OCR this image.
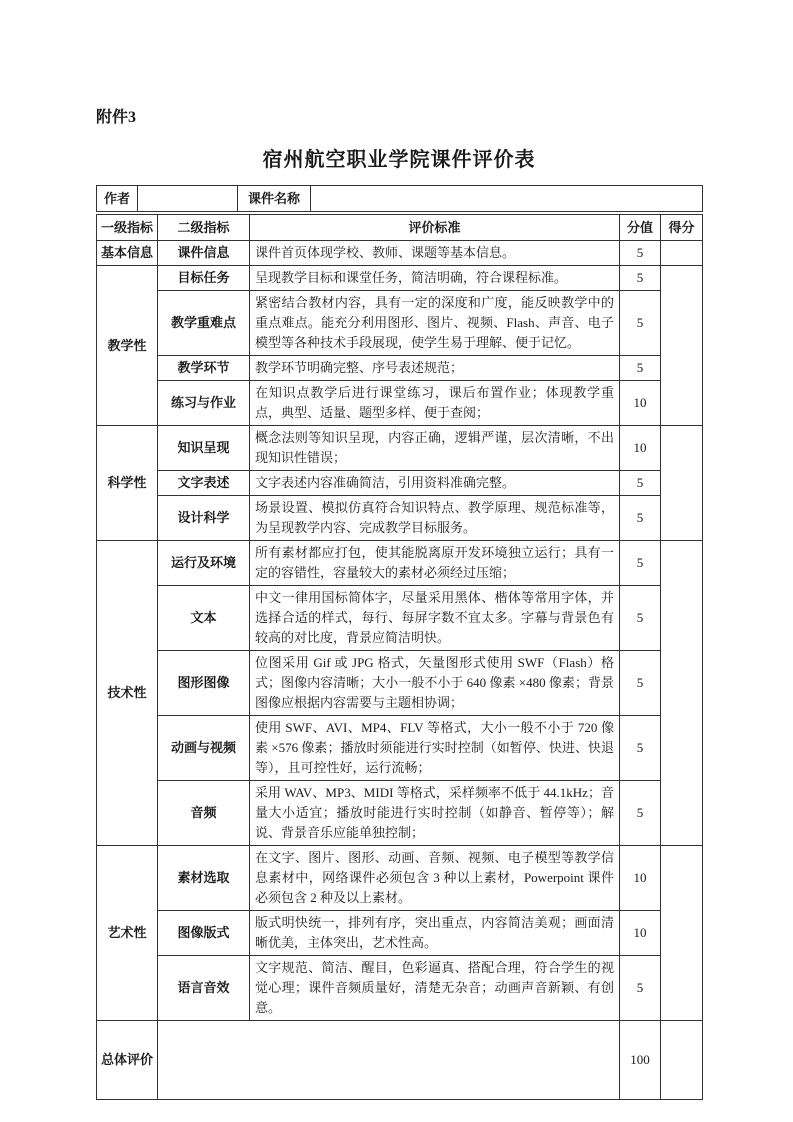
附件3
宿州航空职业学院课件评价表
作者		课件名称	
一级指标	二级指标	评价标准	分值	得分
基本信息	课件信息	课件首页体现学校、教师、课题等基本信息。	5	
教学性	目标任务	呈现教学目标和课堂任务，简洁明确，符合课程标准。	5	
	教学重难点	紧密结合教材内容，具有一定的深度和广度，能反映教学中的重点难点。能充分利用图形、图片、视频、Flash、声音、电子模型等各种技术手段展现，使学生易于理解、便于记忆。	5	
	教学环节	教学环节明确完整、序号表述规范；	5	
	练习与作业	在知识点教学后进行课堂练习，课后布置作业；体现教学重点，典型、适量、题型多样、便于查阅；	10	
科学性	知识呈现	概念法则等知识呈现，内容正确，逻辑严谨，层次清晰，不出现知识性错误；	10	
	文字表述	文字表述内容准确简洁，引用资料准确完整。	5	
	设计科学	场景设置、模拟仿真符合知识特点、教学原理、规范标准等，为呈现教学内容、完成教学目标服务。	5	
技术性	运行及环境	所有素材都应打包，使其能脱离原开发环境独立运行；具有一定的容错性，容量较大的素材必须经过压缩；	5	
	文本	中文一律用国标简体字，尽量采用黑体、楷体等常用字体，并选择合适的样式，每行、每屏字数不宜太多。字幕与背景色有较高的对比度，背景应简洁明快。	5	
	图形图像	位图采用 Gif 或 JPG 格式，矢量图形式使用 SWF（Flash）格式；图像内容清晰；大小一般不小于 640 像素 ×480 像素；背景图像应根据内容需要与主题相协调；	5	
	动画与视频	使用 SWF、AVI、MP4、FLV 等格式，大小一般不小于 720 像素 ×576 像素；播放时须能进行实时控制（如暂停、快进、快退等），且可控性好，运行流畅；	5	
	音频	采用 WAV、MP3、MIDI 等格式，采样频率不低于 44.1kHz；音量大小适宜；播放时能进行实时控制（如静音、暂停等）；解说、背景音乐应能单独控制；	5	
艺术性	素材选取	在文字、图片、图形、动画、音频、视频、电子模型等教学信息素材中，网络课件必须包含 3 种以上素材，Powerpoint 课件必须包含 2 种及以上素材。	10	
	图像版式	版式明快统一，排列有序，突出重点，内容简洁美观；画面清晰优美，主体突出，艺术性高。	10	
	语言音效	文字规范、简洁、醒目，色彩逼真、搭配合理，符合学生的视觉心理；课件音频质量好，清楚无杂音；动画声音新颖、有创意。	5	
总体评价			100	
